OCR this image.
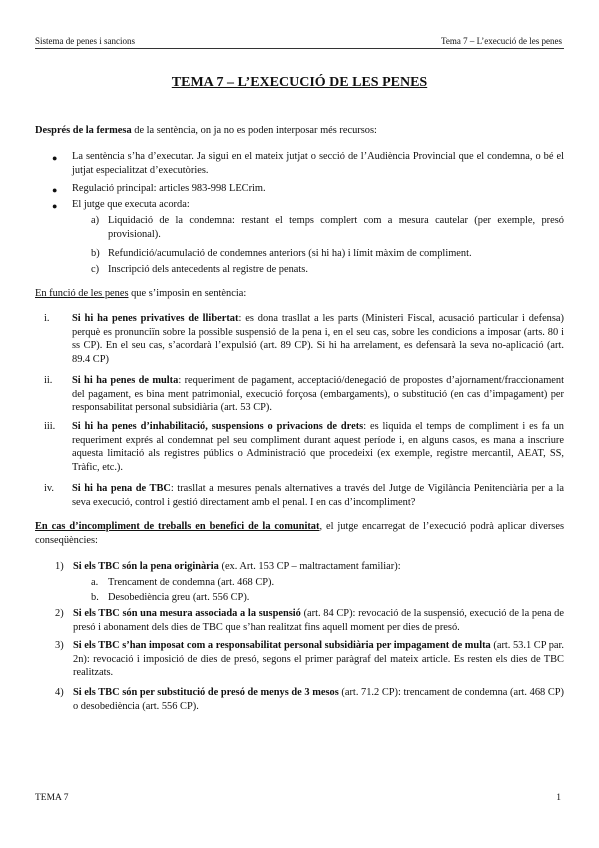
Sistema de penes i sancions	Tema 7 – L’execució de les penes
TEMA 7 – L’EXECUCIÓ DE LES PENES
Després de la fermesa de la sentència, on ja no es poden interposar més recursos:
● La sentència s’ha d’executar. Ja sigui en el mateix jutjat o secció de l’Audiència Provincial que el condemna, o bé el jutjat especialitzat d’executòries.
● Regulació principal: articles 983-998 LECrim.
● El jutge que executa acorda:
a) Liquidació de la condemna: restant el temps complert com a mesura cautelar (per exemple, presó provisional).
b) Refundició/acumulació de condemnes anteriors (si hi ha) i límit màxim de compliment.
c) Inscripció dels antecedents al registre de penats.
En funció de les penes que s’imposin en sentència:
i. Si hi ha penes privatives de llibertat: es dona trasllat a les parts (Ministeri Fiscal, acusació particular i defensa) perquè es pronunciïn sobre la possible suspensió de la pena i, en el seu cas, sobre les condicions a imposar (arts. 80 i ss CP). En el seu cas, s’acordarà l’expulsió (art. 89 CP). Si hi ha arrelament, es defensarà la seva no-aplicació (art. 89.4 CP)
ii. Si hi ha penes de multa: requeriment de pagament, acceptació/denegació de propostes d’ajornament/fraccionament del pagament, es bina ment patrimonial, execució forçosa (embargaments), o substitució (en cas d’impagament) per responsabilitat personal subsidiària (art. 53 CP).
iii. Si hi ha penes d’inhabilitació, suspensions o privacions de drets: es liquida el temps de compliment i es fa un requeriment exprés al condemnat pel seu compliment durant aquest període i, en alguns casos, es mana a inscriure aquesta limitació als registres públics o Administració que procedeixi (ex exemple, registre mercantil, AEAT, SS, Tràfic, etc.).
iv. Si hi ha pena de TBC: trasllat a mesures penals alternatives a través del Jutge de Vigilància Penitenciària per a la seva execució, control i gestió directament amb el penal. I en cas d’incompliment?
En cas d’incompliment de treballs en benefici de la comunitat, el jutge encarregat de l’execució podrà aplicar diverses conseqüències:
1) Si els TBC són la pena originària (ex. Art. 153 CP – maltractament familiar):
a. Trencament de condemna (art. 468 CP).
b. Desobediència greu (art. 556 CP).
2) Si els TBC són una mesura associada a la suspensió (art. 84 CP): revocació de la suspensió, execució de la pena de presó i abonament dels dies de TBC que s’han realitzat fins aquell moment per dies de presó.
3) Si els TBC s’han imposat com a responsabilitat personal subsidiària per impagament de multa (art. 53.1 CP par. 2n): revocació i imposició de dies de presó, segons el primer paràgraf del mateix article. Es resten els dies de TBC realitzats.
4) Si els TBC són per substitució de presó de menys de 3 mesos (art. 71.2 CP): trencament de condemna (art. 468 CP) o desobediència (art. 556 CP).
TEMA 7	1
